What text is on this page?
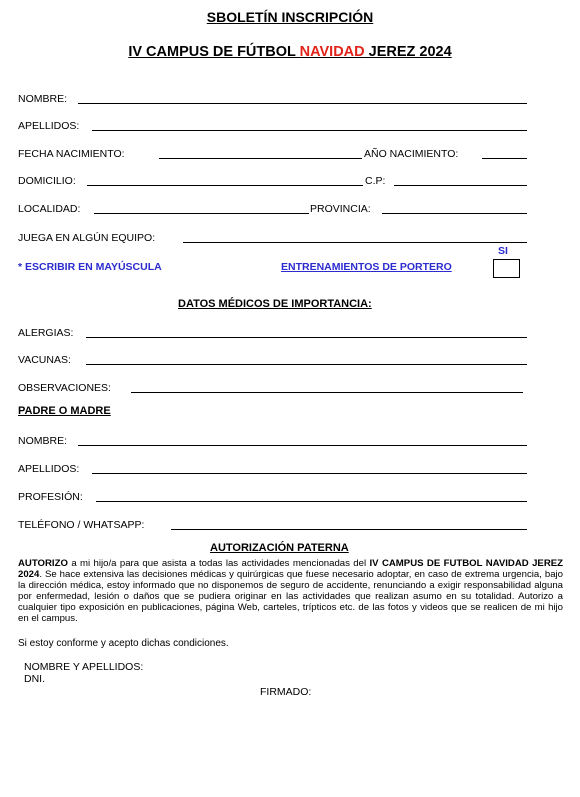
SBOLETÍN INSCRIPCIÓN
IV CAMPUS DE FÚTBOL NAVIDAD JEREZ 2024
NOMBRE:
APELLIDOS:
FECHA NACIMIENTO:	AÑO NACIMIENTO:
DOMICILIO:	C.P:
LOCALIDAD:	PROVINCIA:
JUEGA EN ALGÚN EQUIPO:
* ESCRIBIR EN MAYÚSCULA	ENTRENAMIENTOS DE PORTERO
SI
DATOS MÉDICOS DE IMPORTANCIA:
ALERGIAS:
VACUNAS:
OBSERVACIONES:
PADRE O MADRE
NOMBRE:
APELLIDOS:
PROFESIÓN:
TELÉFONO / WHATSAPP:
AUTORIZACIÓN PATERNA
AUTORIZO a mi hijo/a para que asista a todas las actividades mencionadas del IV CAMPUS DE FUTBOL NAVIDAD JEREZ 2024. Se hace extensiva las decisiones médicas y quirúrgicas que fuese necesario adoptar, en caso de extrema urgencia, bajo la dirección médica, estoy informado que no disponemos de seguro de accidente, renunciando a exigir responsabilidad alguna por enfermedad, lesión o daños que se pudiera originar en las actividades que realizan asumo en su totalidad. Autorizo a cualquier tipo exposición en publicaciones, página Web, carteles, trípticos etc. de las fotos y videos que se realicen de mi hijo en el campus.
Si estoy conforme y acepto dichas condiciones.
NOMBRE Y APELLIDOS:
DNI.
FIRMADO:
